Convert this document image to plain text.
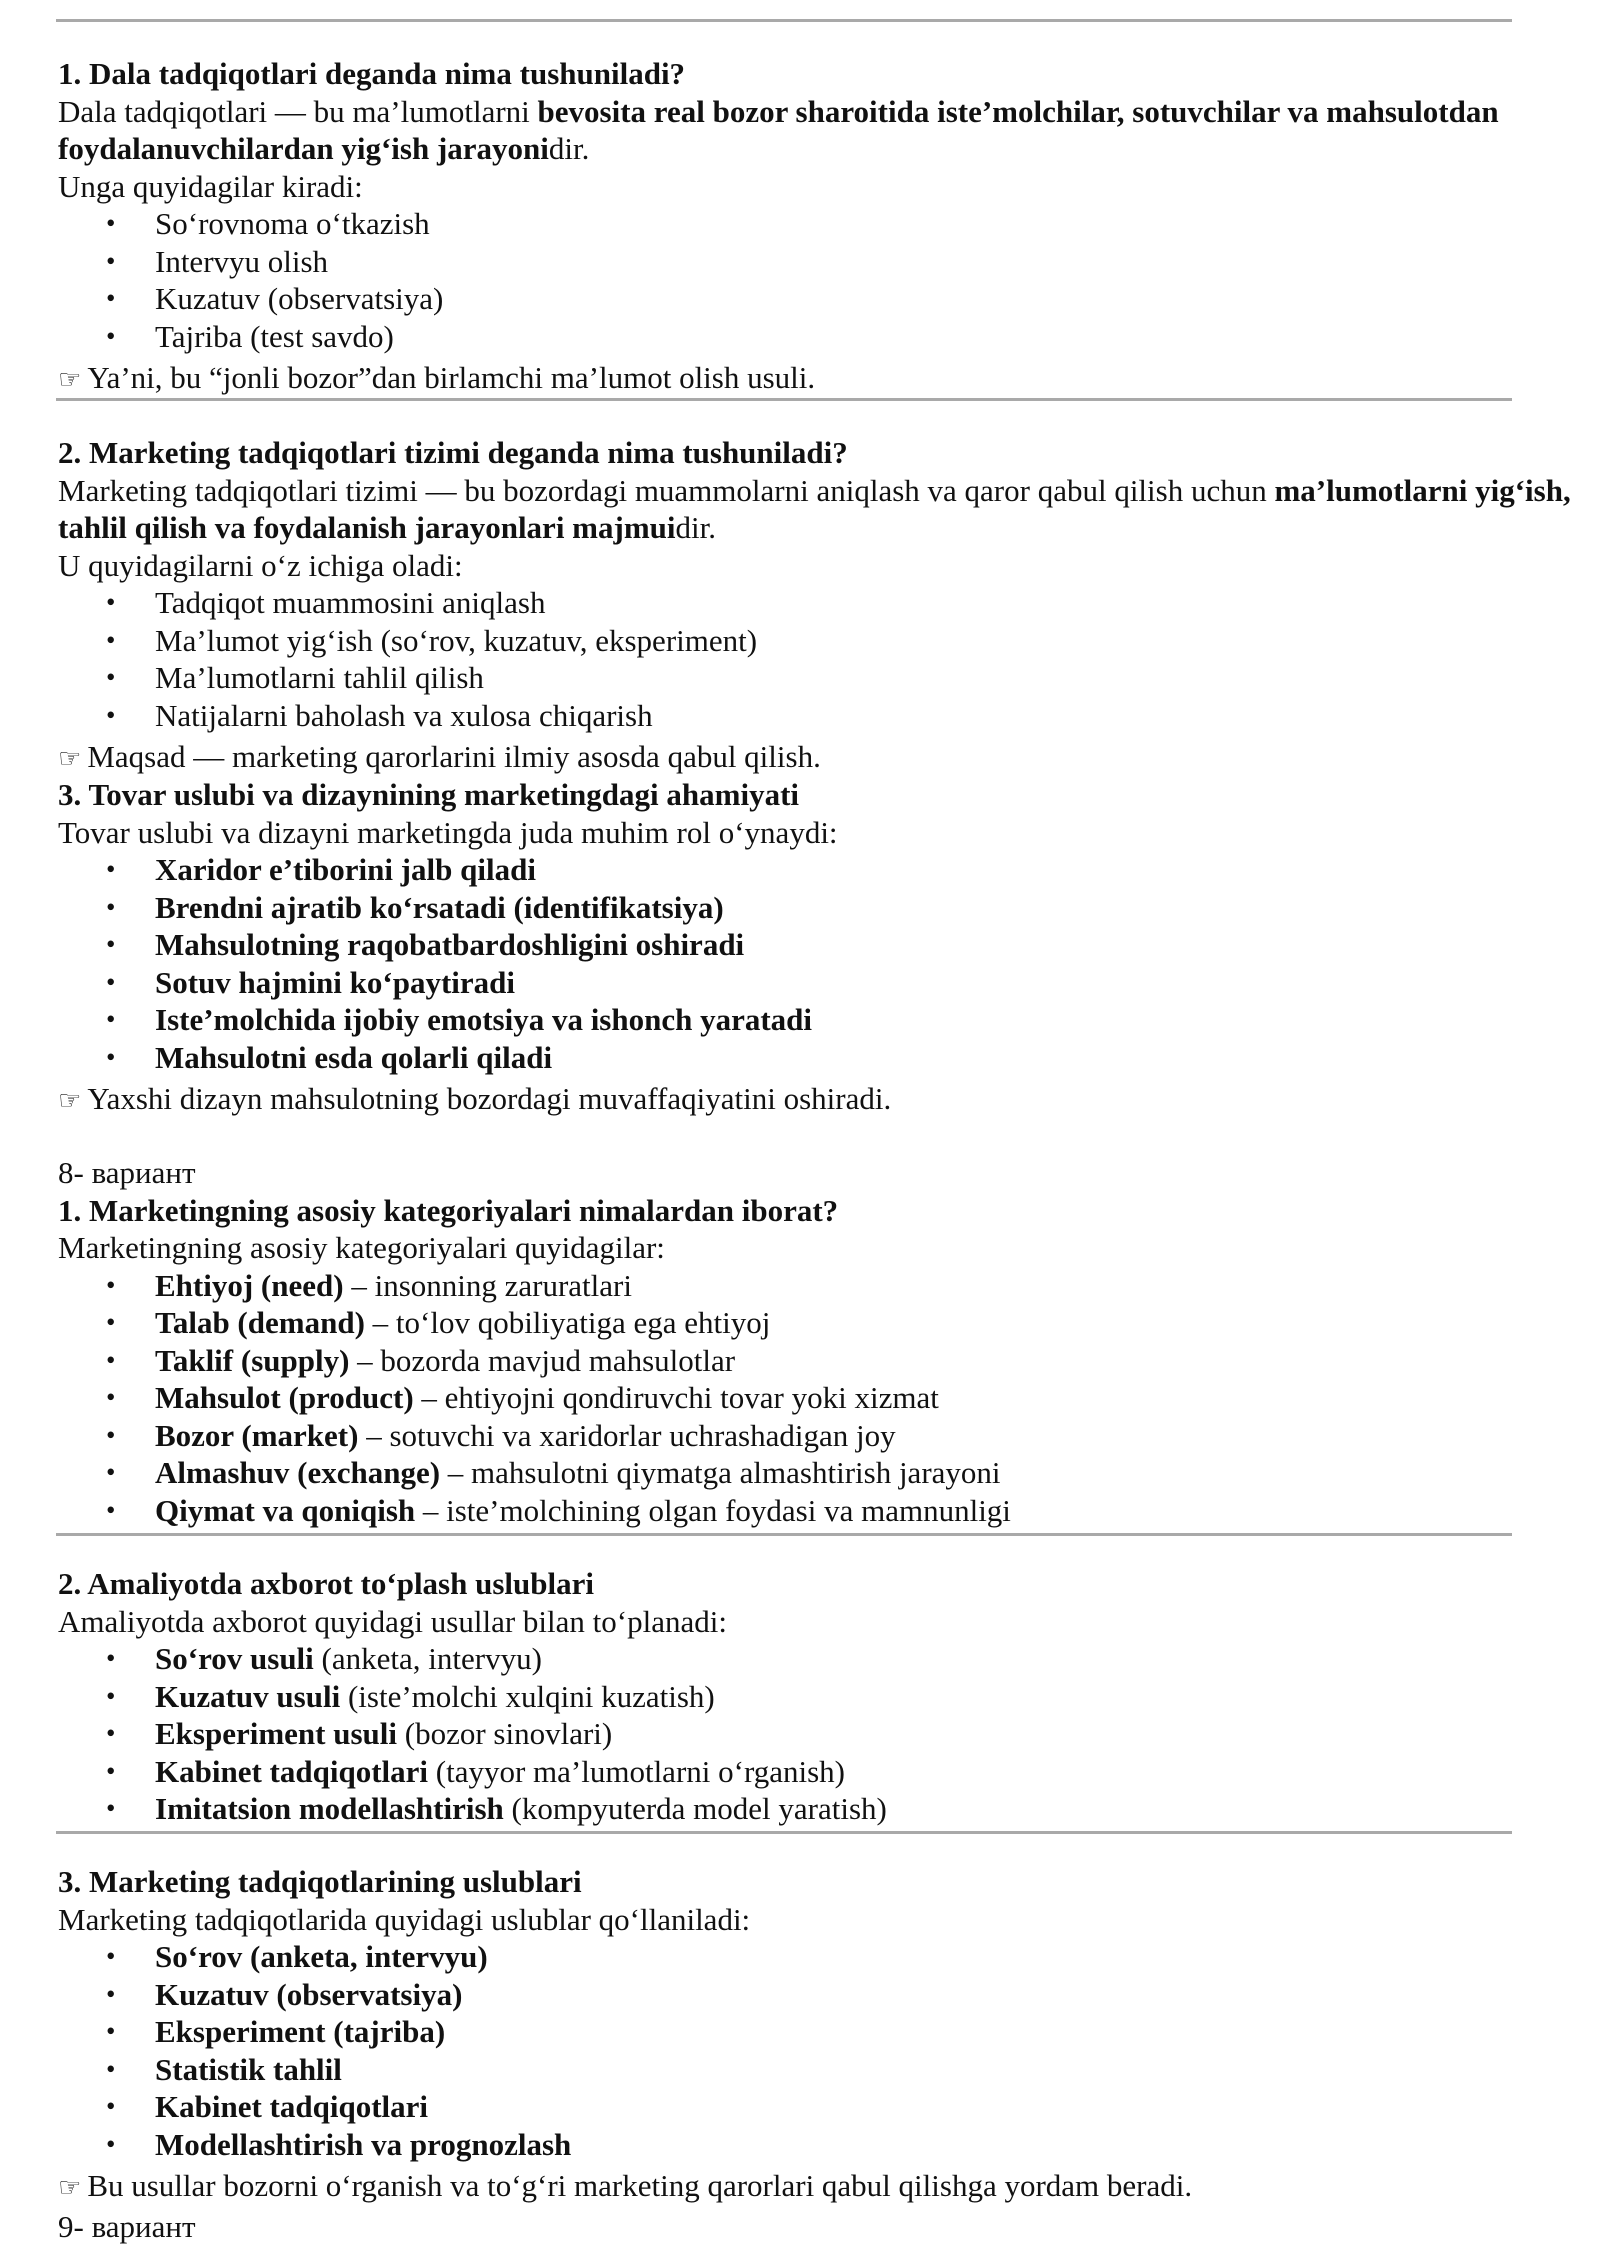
1. Dala tadqiqotlari deganda nima tushuniladi?

Dala tadqiqotlari — bu ma’lumotlarni bevosita real bozor sharoitida iste’molchilar, sotuvchilar va mahsulotdan foydalanuvchilardan yig‘ish jarayonidir.

Unga quyidagilar kiradi:

• So‘rovnoma o‘tkazish
• Intervyu olish
• Kuzatuv (observatsiya)
• Tajriba (test savdo)

☞ Ya’ni, bu “jonli bozor”dan birlamchi ma’lumot olish usuli.

2. Marketing tadqiqotlari tizimi deganda nima tushuniladi?

Marketing tadqiqotlari tizimi — bu bozordagi muammolarni aniqlash va qaror qabul qilish uchun ma’lumotlarni yig‘ish, tahlil qilish va foydalanish jarayonlari majmuidir.

U quyidagilarni o‘z ichiga oladi:

• Tadqiqot muammosini aniqlash
• Ma’lumot yig‘ish (so‘rov, kuzatuv, eksperiment)
• Ma’lumotlarni tahlil qilish
• Natijalarni baholash va xulosa chiqarish

☞ Maqsad — marketing qarorlarini ilmiy asosda qabul qilish.

3. Tovar uslubi va dizaynining marketingdagi ahamiyati

Tovar uslubi va dizayni marketingda juda muhim rol o‘ynaydi:

• Xaridor e’tiborini jalb qiladi
• Brendni ajratib ko‘rsatadi (identifikatsiya)
• Mahsulotning raqobatbardoshligini oshiradi
• Sotuv hajmini ko‘paytiradi
• Iste’molchida ijobiy emotsiya va ishonch yaratadi
• Mahsulotni esda qolarli qiladi

☞ Yaxshi dizayn mahsulotning bozordagi muvaffaqiyatini oshiradi.

8- вариант

1. Marketingning asosiy kategoriyalari nimalardan iborat?

Marketingning asosiy kategoriyalari quyidagilar:

• Ehtiyoj (need) – insonning zaruratlari
• Talab (demand) – to‘lov qobiliyatiga ega ehtiyoj
• Taklif (supply) – bozorda mavjud mahsulotlar
• Mahsulot (product) – ehtiyojni qondiruvchi tovar yoki xizmat
• Bozor (market) – sotuvchi va xaridorlar uchrashadigan joy
• Almashuv (exchange) – mahsulotni qiymatga almashtirish jarayoni
• Qiymat va qoniqish – iste’molchining olgan foydasi va mamnunligi

2. Amaliyotda axborot to‘plash uslublari

Amaliyotda axborot quyidagi usullar bilan to‘planadi:

• So‘rov usuli (anketa, intervyu)
• Kuzatuv usuli (iste’molchi xulqini kuzatish)
• Eksperiment usuli (bozor sinovlari)
• Kabinet tadqiqotlari (tayyor ma’lumotlarni o‘rganish)
• Imitatsion modellashtirish (kompyuterda model yaratish)

3. Marketing tadqiqotlarining uslublari

Marketing tadqiqotlarida quyidagi uslublar qo‘llaniladi:

• So‘rov (anketa, intervyu)
• Kuzatuv (observatsiya)
• Eksperiment (tajriba)
• Statistik tahlil
• Kabinet tadqiqotlari
• Modellashtirish va prognozlash

☞ Bu usullar bozorni o‘rganish va to‘g‘ri marketing qarorlari qabul qilishga yordam beradi.

9- вариант
